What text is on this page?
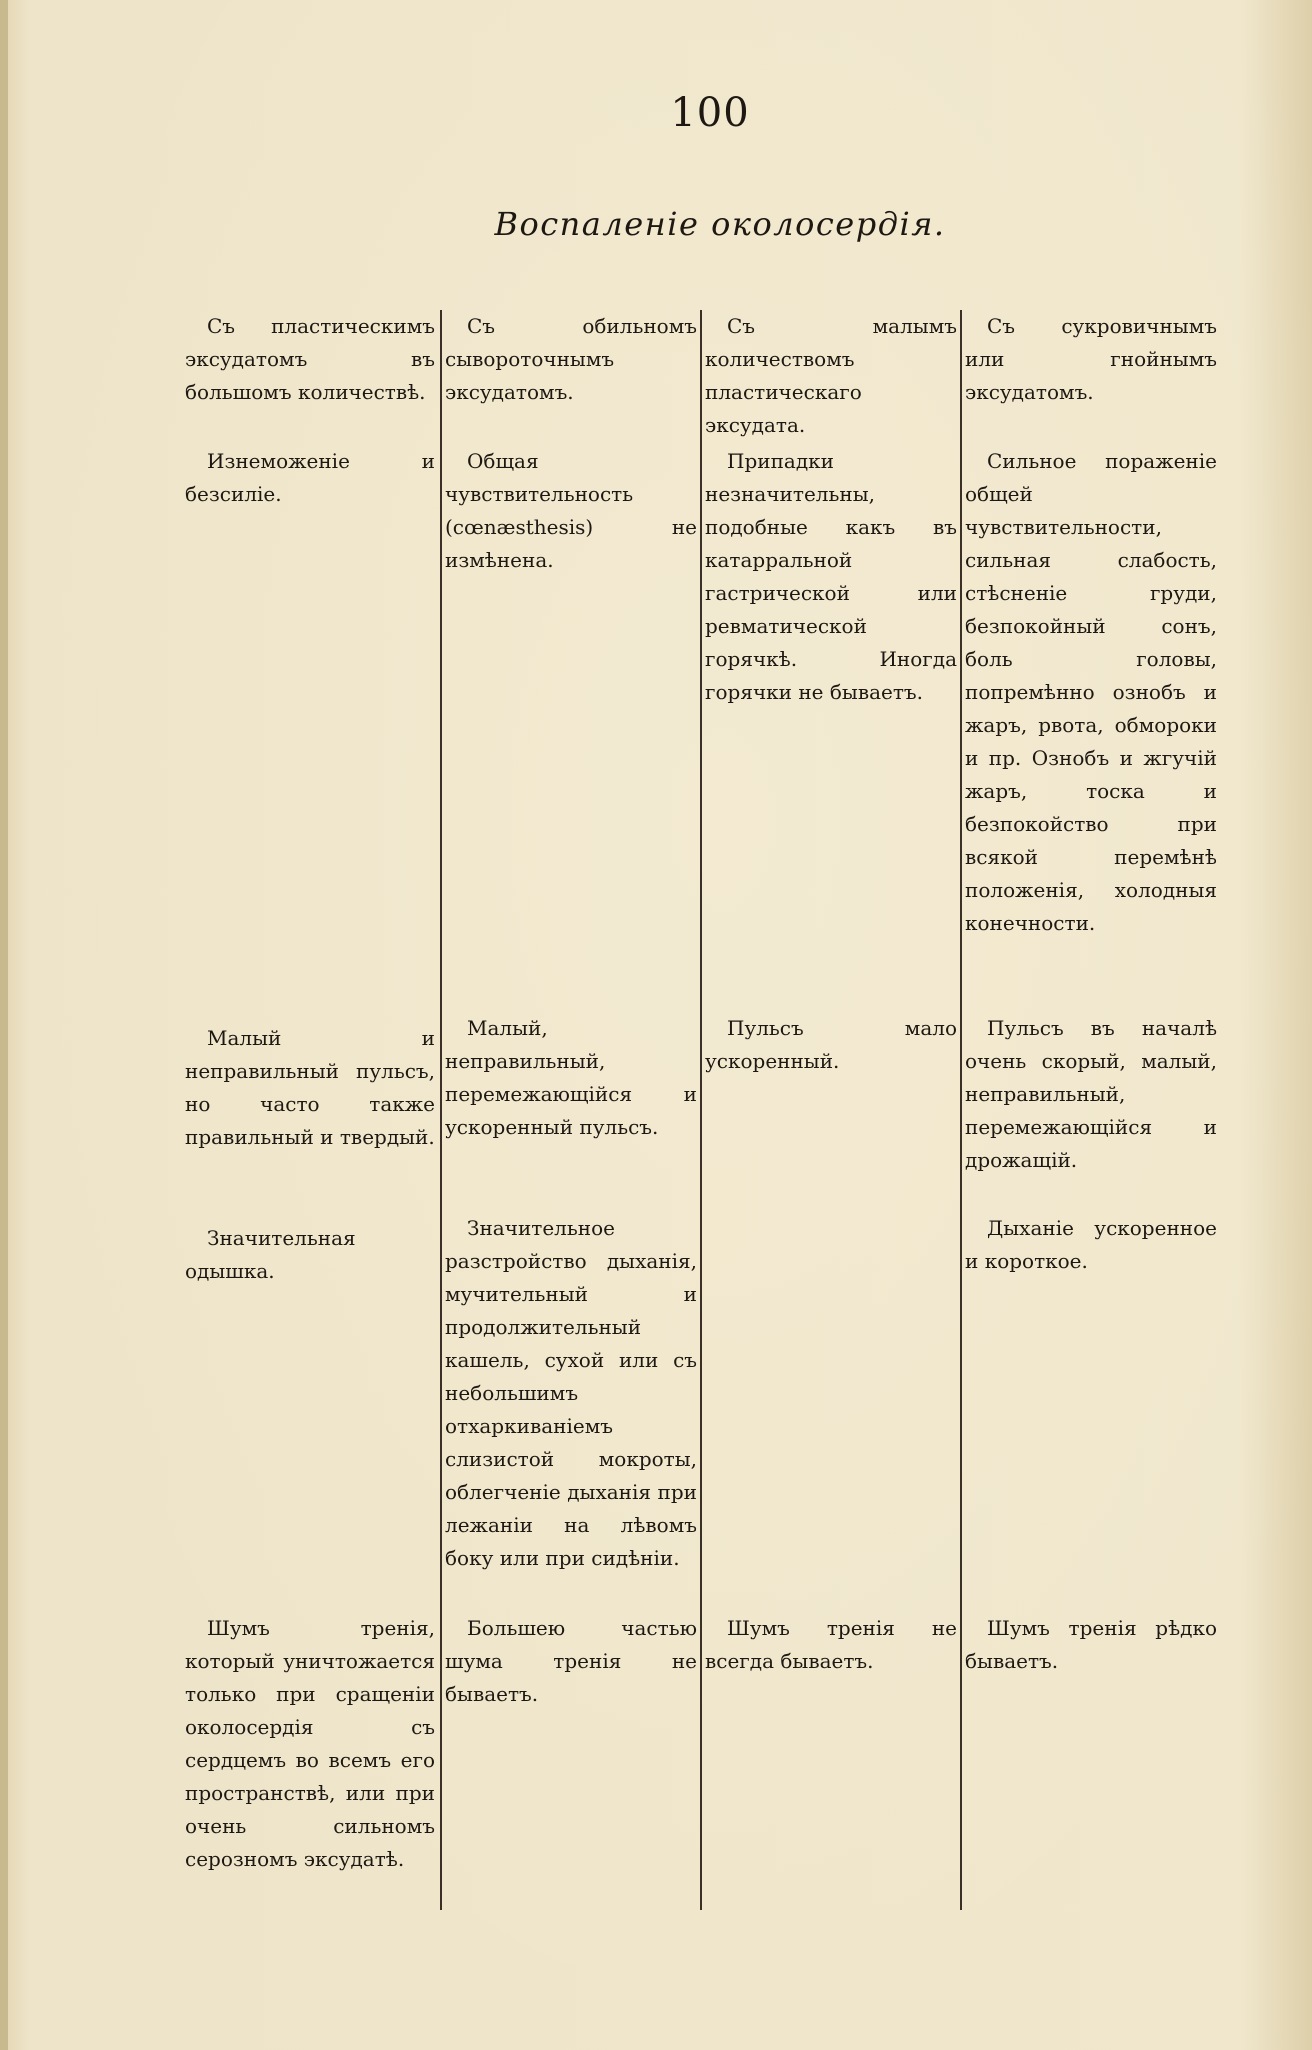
100
Воспаленіе околосердія.

Съ пластическимъ эксудатомъ въ большомъ количествѣ.

Изнеможеніе и безсиліе.

Малый и неправильный пульсъ, но часто также правильный и твердый.

Значительная одышка.

Шумъ тренія, который уничтожается только при сращеніи околосердія съ сердцемъ во всемъ его пространствѣ, или при очень сильномъ серозномъ эксудатѣ.

Съ обильномъ сывороточнымъ эксудатомъ.

Общая чувствительность (cœnæsthesis) не измѣнена.

Малый, неправильный, перемежающійся и ускоренный пульсъ.

Значительное разстройство дыханія, мучительный и продолжительный кашель, сухой или съ небольшимъ отхаркиваніемъ слизистой мокроты, облегченіе дыханія при лежаніи на лѣвомъ боку или при сидѣніи.

Большею частью шума тренія не бываетъ.

Съ малымъ количествомъ пластическаго эксудата.

Припадки незначительны, подобные какъ въ катарральной гастрической или ревматической горячкѣ. Иногда горячки не бываетъ.

Пульсъ мало ускоренный.

Шумъ тренія не всегда бываетъ.

Съ сукровичнымъ или гнойнымъ эксудатомъ.

Сильное пораженіе общей чувствительности, сильная слабость, стѣсненіе груди, безпокойный сонъ, боль головы, попремѣнно ознобъ и жаръ, рвота, обмороки и пр. Ознобъ и жгучій жаръ, тоска и безпокойство при всякой перемѣнѣ положенія, холодныя конечности.

Пульсъ въ началѣ очень скорый, малый, неправильный, перемежающійся и дрожащій.

Дыханіе ускоренное и короткое.

Шумъ тренія рѣдко бываетъ.
